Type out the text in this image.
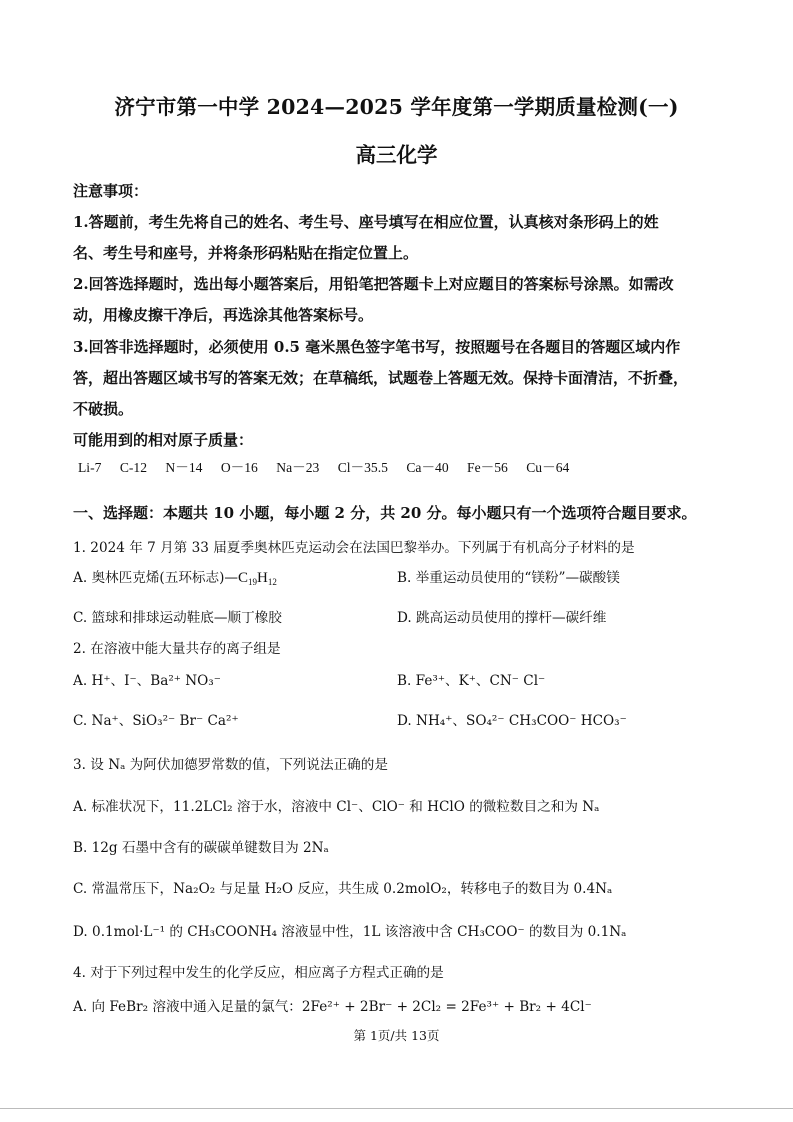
济宁市第一中学 2024—2025 学年度第一学期质量检测(一)
高三化学
注意事项：
1.答题前，考生先将自己的姓名、考生号、座号填写在相应位置，认真核对条形码上的姓
名、考生号和座号，并将条形码粘贴在指定位置上。
2.回答选择题时，选出每小题答案后，用铅笔把答题卡上对应题目的答案标号涂黑。如需改
动，用橡皮擦干净后，再选涂其他答案标号。
3.回答非选择题时，必须使用 0.5 毫米黑色签字笔书写，按照题号在各题目的答题区域内作
答，超出答题区域书写的答案无效；在草稿纸，试题卷上答题无效。保持卡面清洁，不折叠，
不破损。
可能用到的相对原子质量：
Li-7 C-12 N－14 O－16 Na－23 Cl－35.5 Ca－40 Fe－56 Cu－64
一、选择题：本题共 10 小题，每小题 2 分，共 20 分。每小题只有一个选项符合题目要求。
1. 2024 年 7 月第 33 届夏季奥林匹克运动会在法国巴黎举办。下列属于有机高分子材料的是
A. 奥林匹克烯(五环标志)$—C_{19}H_{12}$	B. 举重运动员使用的“镁粉”—碳酸镁
C. 篮球和排球运动鞋底—顺丁橡胶	D. 跳高运动员使用的撑杆—碳纤维
2. 在溶液中能大量共存的离子组是
A. H⁺、I⁻、Ba²⁺ NO₃⁻	B. Fe³⁺、K⁺、CN⁻ Cl⁻
C. Na⁺、SiO₃²⁻ Br⁻ Ca²⁺	D. NH₄⁺、SO₄²⁻ CH₃COO⁻ HCO₃⁻
3. 设 Nₐ 为阿伏加德罗常数的值，下列说法正确的是
A. 标准状况下，11.2LCl₂ 溶于水，溶液中 Cl⁻、ClO⁻ 和 HClO 的微粒数目之和为 Nₐ
B. 12g 石墨中含有的碳碳单键数目为 2Nₐ
C. 常温常压下，Na₂O₂ 与足量 H₂O 反应，共生成 0.2molO₂，转移电子的数目为 0.4Nₐ
D. 0.1mol·L⁻¹ 的 CH₃COONH₄ 溶液显中性，1L 该溶液中含 CH₃COO⁻ 的数目为 0.1Nₐ
4. 对于下列过程中发生的化学反应，相应离子方程式正确的是
A. 向 FeBr₂ 溶液中通入足量的氯气：2Fe²⁺ + 2Br⁻ + 2Cl₂ = 2Fe³⁺ + Br₂ + 4Cl⁻
第 1页/共 13页
